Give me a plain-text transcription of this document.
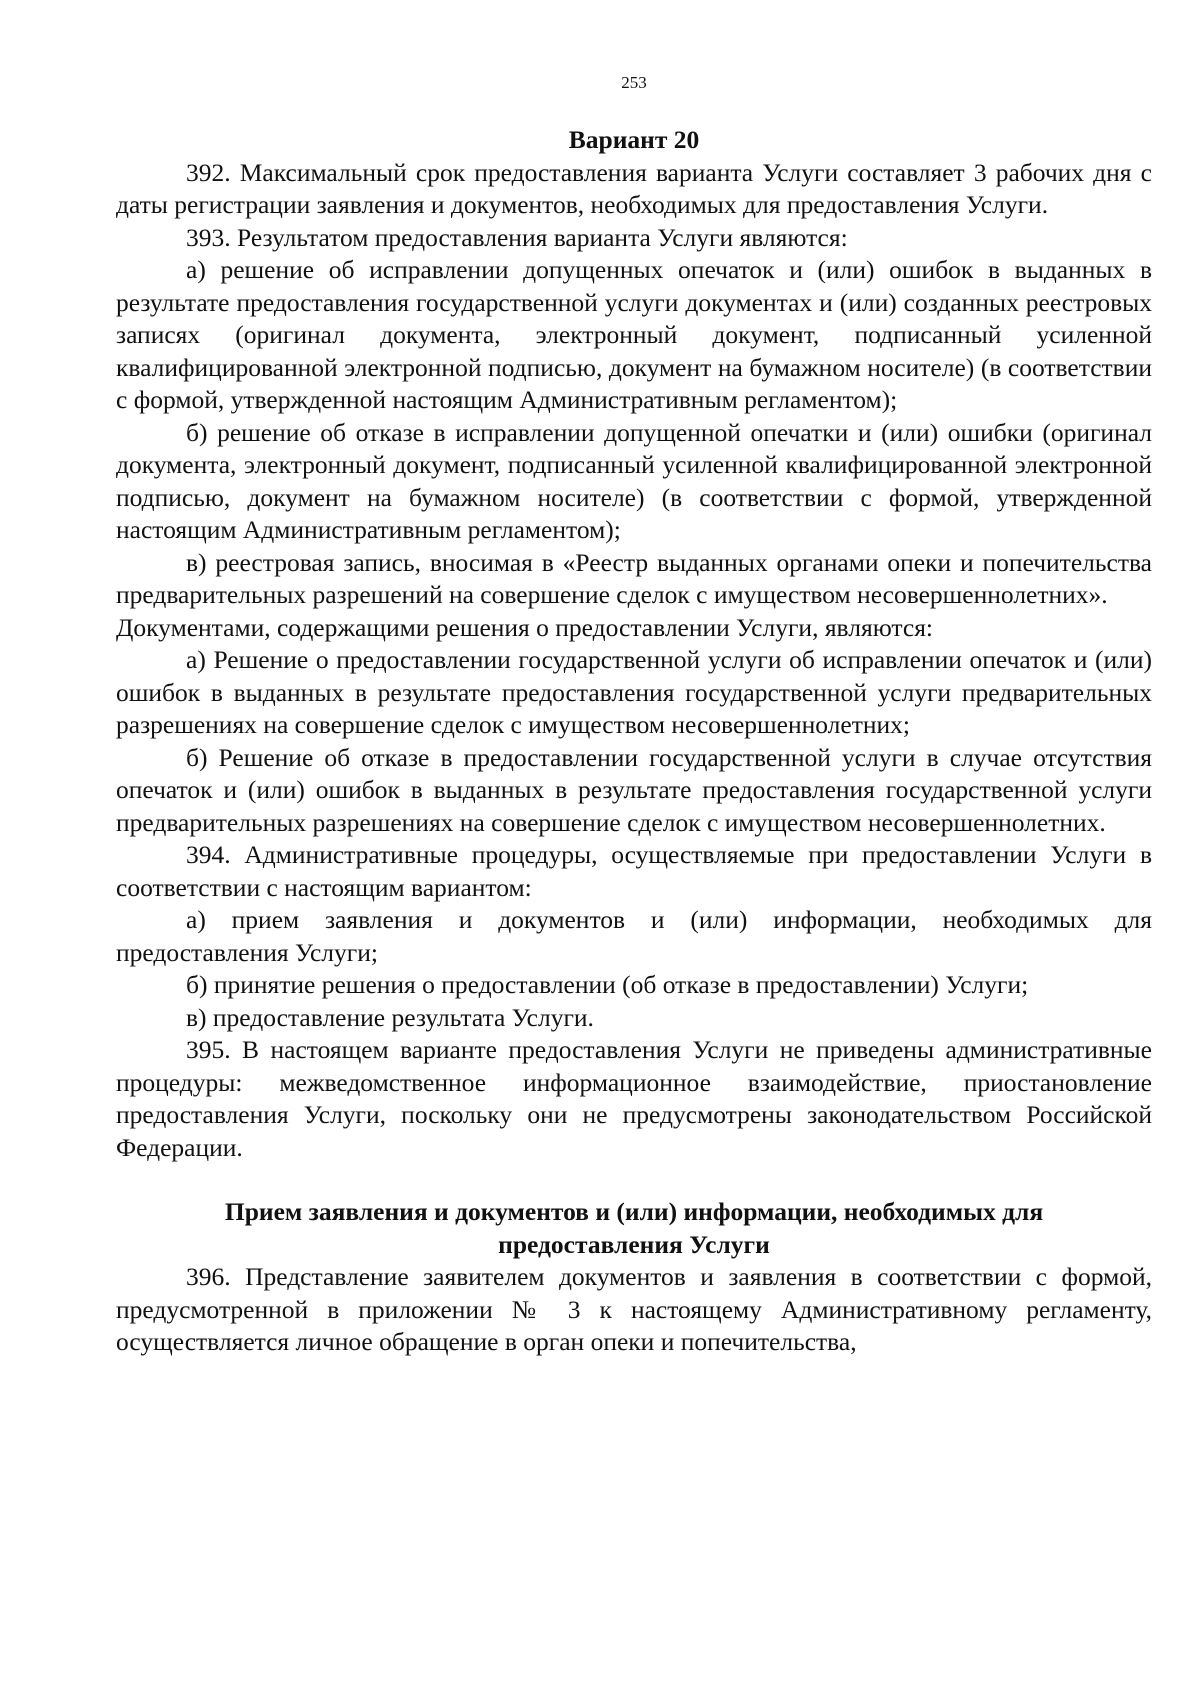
253

Вариант 20

392. Максимальный срок предоставления варианта Услуги составляет 3 рабочих дня с даты регистрации заявления и документов, необходимых для предоставления Услуги.

393. Результатом предоставления варианта Услуги являются:

а) решение об исправлении допущенных опечаток и (или) ошибок в выданных в результате предоставления государственной услуги документах и (или) созданных реестровых записях (оригинал документа, электронный документ, подписанный усиленной квалифицированной электронной подписью, документ на бумажном носителе) (в соответствии с формой, утвержденной настоящим Административным регламентом);

б) решение об отказе в исправлении допущенной опечатки и (или) ошибки (оригинал документа, электронный документ, подписанный усиленной квалифицированной электронной подписью, документ на бумажном носителе) (в соответствии с формой, утвержденной настоящим Административным регламентом);

в) реестровая запись, вносимая в «Реестр выданных органами опеки и попечительства предварительных разрешений на совершение сделок с имуществом несовершеннолетних».

Документами, содержащими решения о предоставлении Услуги, являются:

а) Решение о предоставлении государственной услуги об исправлении опечаток и (или) ошибок в выданных в результате предоставления государственной услуги предварительных разрешениях на совершение сделок с имуществом несовершеннолетних;

б) Решение об отказе в предоставлении государственной услуги в случае отсутствия опечаток и (или) ошибок в выданных в результате предоставления государственной услуги предварительных разрешениях на совершение сделок с имуществом несовершеннолетних.

394. Административные процедуры, осуществляемые при предоставлении Услуги в соответствии с настоящим вариантом:

а) прием заявления и документов и (или) информации, необходимых для предоставления Услуги;

б) принятие решения о предоставлении (об отказе в предоставлении) Услуги;

в) предоставление результата Услуги.

395. В настоящем варианте предоставления Услуги не приведены административные процедуры: межведомственное информационное взаимодействие, приостановление предоставления Услуги, поскольку они не предусмотрены законодательством Российской Федерации.

Прием заявления и документов и (или) информации, необходимых для
предоставления Услуги

396. Представление заявителем документов и заявления в соответствии с формой, предусмотренной в приложении № 3 к настоящему Административному регламенту, осуществляется личное обращение в орган опеки и попечительства,
